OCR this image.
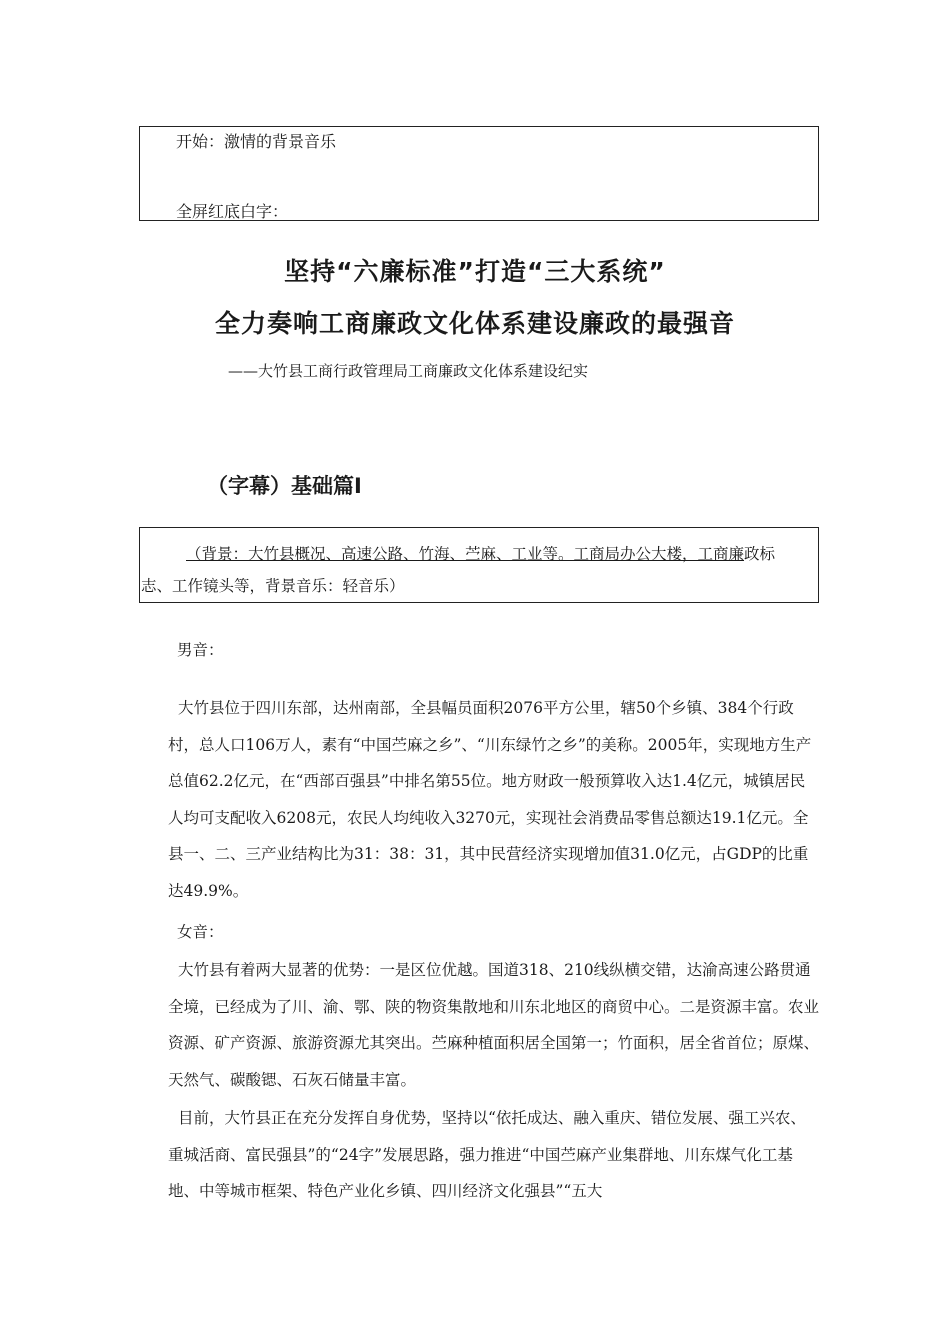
开始：激情的背景音乐
全屏红底白字：
坚持“六廉标准”打造“三大系统”
全力奏响工商廉政文化体系建设廉政的最强音
——大竹县工商行政管理局工商廉政文化体系建设纪实
（字幕）基础篇Ⅰ

（背景：大竹县概况、高速公路、竹海、苎麻、工业等。工商局办公大楼，工商廉政标志、工作镜头等，背景音乐：轻音乐）

男音：

大竹县位于四川东部，达州南部，全县幅员面积2076平方公里，辖50个乡镇、384个行政村，总人口106万人，素有“中国苎麻之乡”、“川东绿竹之乡”的美称。2005年，实现地方生产总值62.2亿元，在“西部百强县”中排名第55位。地方财政一般预算收入达1.4亿元，城镇居民人均可支配收入6208元，农民人均纯收入3270元，实现社会消费品零售总额达19.1亿元。全县一、二、三产业结构比为31：38：31，其中民营经济实现增加值31.0亿元，占GDP的比重达49.9%。

女音：

大竹县有着两大显著的优势：一是区位优越。国道318、210线纵横交错，达渝高速公路贯通全境，已经成为了川、渝、鄂、陕的物资集散地和川东北地区的商贸中心。二是资源丰富。农业资源、矿产资源、旅游资源尤其突出。苎麻种植面积居全国第一；竹面积，居全省首位；原煤、天然气、碳酸锶、石灰石储量丰富。

目前，大竹县正在充分发挥自身优势，坚持以“依托成达、融入重庆、错位发展、强工兴农、重城活商、富民强县”的“24字”发展思路，强力推进“中国苎麻产业集群地、川东煤气化工基地、中等城市框架、特色产业化乡镇、四川经济文化强县”“五大
